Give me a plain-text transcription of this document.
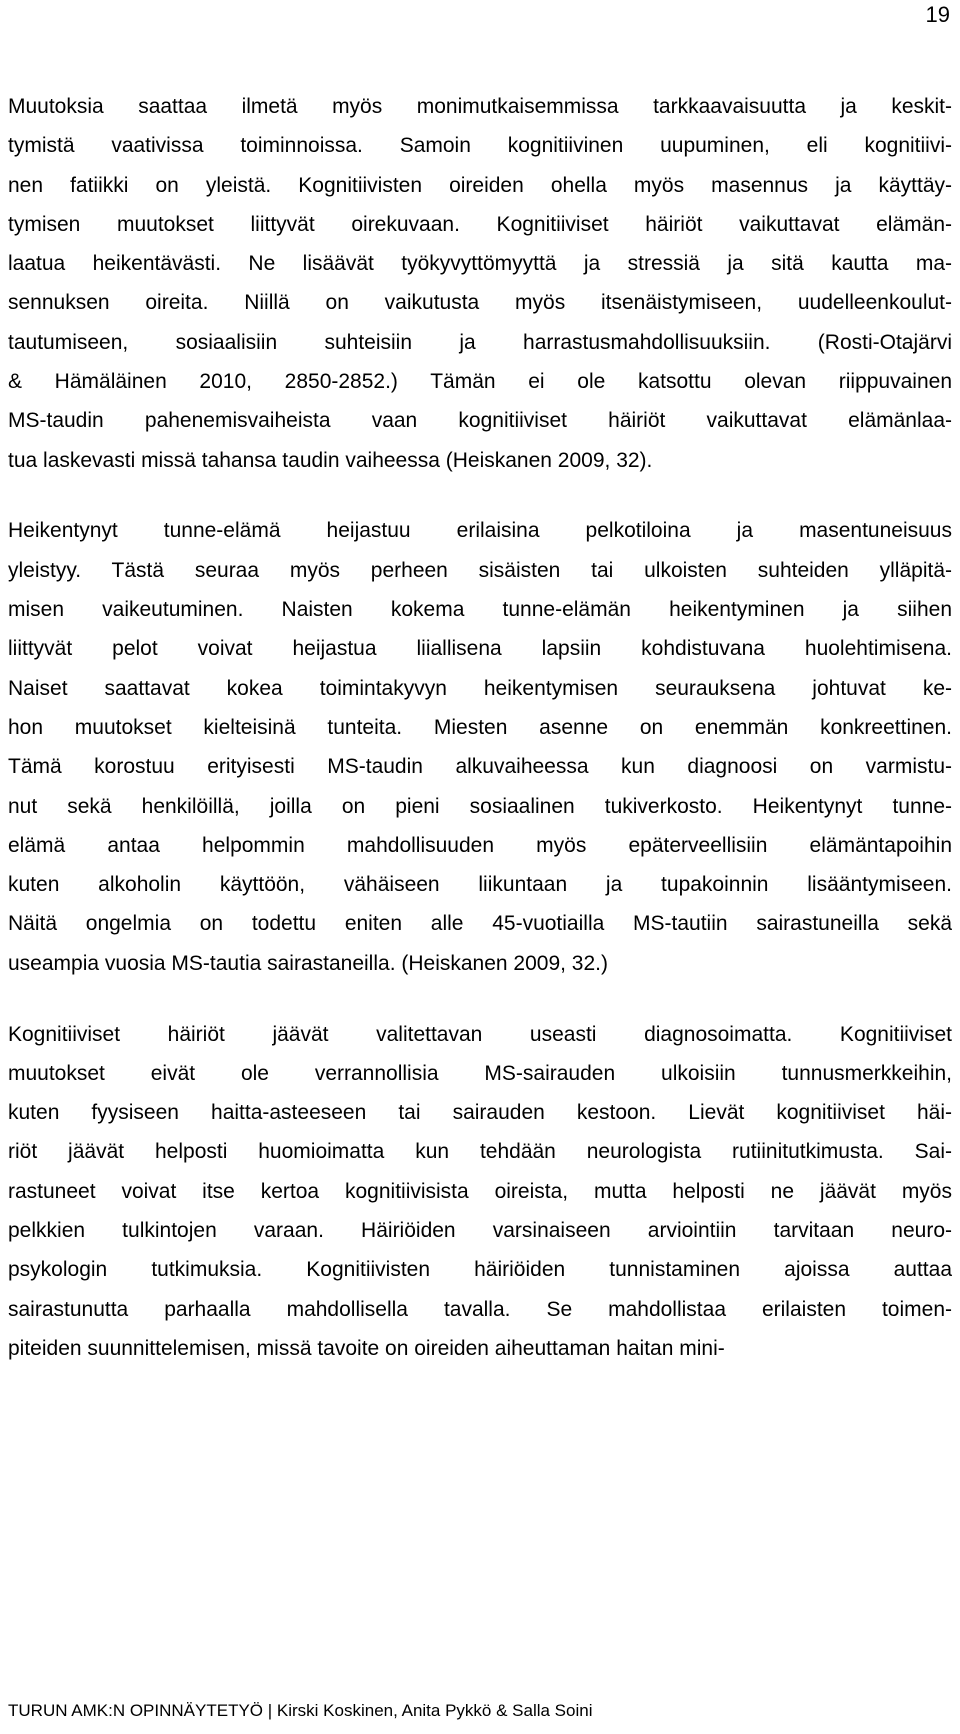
19
Muutoksia saattaa ilmetä myös monimutkaisemmissa tarkkaavaisuutta ja keskit-
tymistä vaativissa toiminnoissa. Samoin kognitiivinen uupuminen, eli kognitiivi-
nen fatiikki on yleistä. Kognitiivisten oireiden ohella myös masennus ja käyttäy-
tymisen muutokset liittyvät oirekuvaan. Kognitiiviset häiriöt vaikuttavat elämän-
laatua heikentävästi. Ne lisäävät työkyvyttömyyttä ja stressiä ja sitä kautta ma-
sennuksen oireita. Niillä on vaikutusta myös itsenäistymiseen, uudelleenkoulut-
tautumiseen, sosiaalisiin suhteisiin ja harrastusmahdollisuuksiin. (Rosti-Otajärvi
& Hämäläinen 2010, 2850-2852.) Tämän ei ole katsottu olevan riippuvainen
MS-taudin pahenemisvaiheista vaan kognitiiviset häiriöt vaikuttavat elämänlaa-
tua laskevasti missä tahansa taudin vaiheessa (Heiskanen 2009, 32).
Heikentynyt tunne-elämä heijastuu erilaisina pelkotiloina ja masentuneisuus
yleistyy. Tästä seuraa myös perheen sisäisten tai ulkoisten suhteiden ylläpitä-
misen vaikeutuminen. Naisten kokema tunne-elämän heikentyminen ja siihen
liittyvät pelot voivat heijastua liiallisena lapsiin kohdistuvana huolehtimisena.
Naiset saattavat kokea toimintakyvyn heikentymisen seurauksena johtuvat ke-
hon muutokset kielteisinä tunteita. Miesten asenne on enemmän konkreettinen.
Tämä korostuu erityisesti MS-taudin alkuvaiheessa kun diagnoosi on varmistu-
nut sekä henkilöillä, joilla on pieni sosiaalinen tukiverkosto. Heikentynyt tunne-
elämä antaa helpommin mahdollisuuden myös epäterveellisiin elämäntapoihin
kuten alkoholin käyttöön, vähäiseen liikuntaan ja tupakoinnin lisääntymiseen.
Näitä ongelmia on todettu eniten alle 45-vuotiailla MS-tautiin sairastuneilla sekä
useampia vuosia MS-tautia sairastaneilla. (Heiskanen 2009, 32.)
Kognitiiviset häiriöt jäävät valitettavan useasti diagnosoimatta. Kognitiiviset
muutokset eivät ole verrannollisia MS-sairauden ulkoisiin tunnusmerkkeihin,
kuten fyysiseen haitta-asteeseen tai sairauden kestoon. Lievät kognitiiviset häi-
riöt jäävät helposti huomioimatta kun tehdään neurologista rutiinitutkimusta. Sai-
rastuneet voivat itse kertoa kognitiivisista oireista, mutta helposti ne jäävät myös
pelkkien tulkintojen varaan. Häiriöiden varsinaiseen arviointiin tarvitaan neuro-
psykologin tutkimuksia. Kognitiivisten häiriöiden tunnistaminen ajoissa auttaa
sairastunutta parhaalla mahdollisella tavalla. Se mahdollistaa erilaisten toimen-
piteiden suunnittelemisen, missä tavoite on oireiden aiheuttaman haitan mini-
TURUN AMK:N OPINNÄYTETYÖ | Kirski Koskinen, Anita Pykkö & Salla Soini
